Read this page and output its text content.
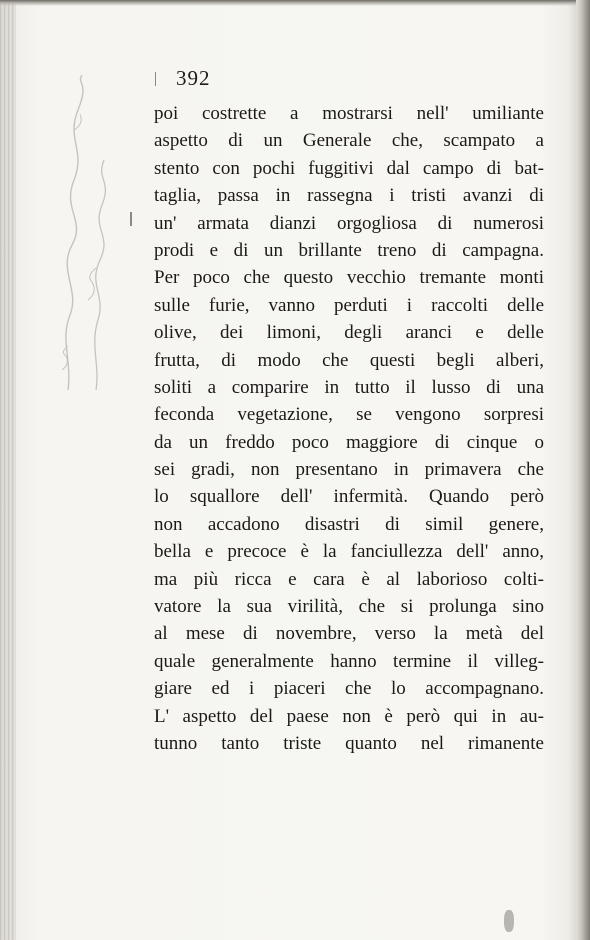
392
poi costrette a mostrarsi nell' umiliante
aspetto di un Generale che, scampato a
stento con pochi fuggitivi dal campo di bat-
taglia, passa in rassegna i tristi avanzi di
un' armata dianzi orgogliosa di numerosi
prodi e di un brillante treno di campagna.
Per poco che questo vecchio tremante monti
sulle furie, vanno perduti i raccolti delle
olive, dei limoni, degli aranci e delle
frutta, di modo che questi begli alberi,
soliti a comparire in tutto il lusso di una
feconda vegetazione, se vengono sorpresi
da un freddo poco maggiore di cinque o
sei gradi, non presentano in primavera che
lo squallore dell' infermità. Quando però
non accadono disastri di simil genere,
bella e precoce è la fanciullezza dell' anno,
ma più ricca e cara è al laborioso colti-
vatore la sua virilità, che si prolunga sino
al mese di novembre, verso la metà del
quale generalmente hanno termine il villeg-
giare ed i piaceri che lo accompagnano.
L' aspetto del paese non è però qui in au-
tunno tanto triste quanto nel rimanente
